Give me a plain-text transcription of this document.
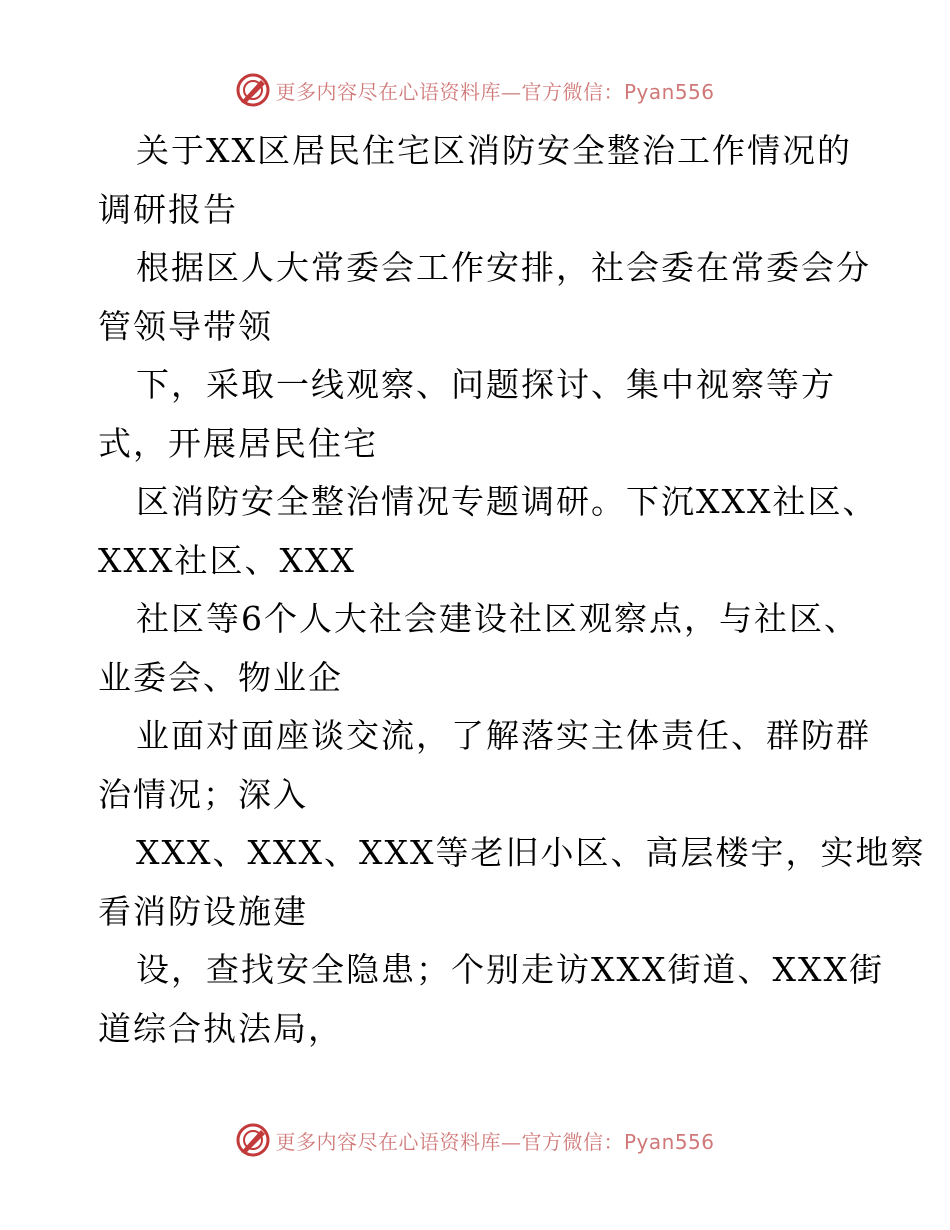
更多内容尽在心语资料库—官方微信：Pyan556
关于XX区居民住宅区消防安全整治工作情况的
调研报告
根据区人大常委会工作安排，社会委在常委会分
管领导带领
下，采取一线观察、问题探讨、集中视察等方
式，开展居民住宅
区消防安全整治情况专题调研。下沉XXX社区、
XXX社区、XXX
社区等6个人大社会建设社区观察点，与社区、
业委会、物业企
业面对面座谈交流，了解落实主体责任、群防群
治情况；深入
XXX、XXX、XXX等老旧小区、高层楼宇，实地察
看消防设施建
设，查找安全隐患；个别走访XXX街道、XXX街
道综合执法局，
更多内容尽在心语资料库—官方微信：Pyan556
